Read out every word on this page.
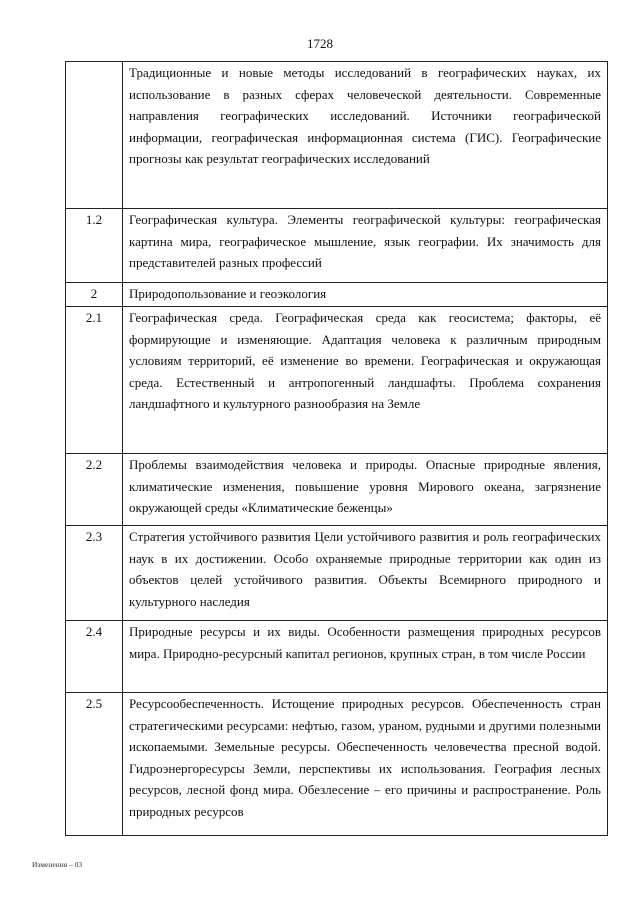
1728
	Традиционные и новые методы исследований в географических науках, их использование в разных сферах человеческой деятельности. Современные направления географических исследований. Источники географической информации, географическая информационная система (ГИС). Географические прогнозы как результат географических исследований
1.2	Географическая культура. Элементы географической культуры: географическая картина мира, географическое мышление, язык географии. Их значимость для представителей разных профессий
2	Природопользование и геоэкология
2.1	Географическая среда. Географическая среда как геосистема; факторы, её формирующие и изменяющие. Адаптация человека к различным природным условиям территорий, её изменение во времени. Географическая и окружающая среда. Естественный и антропогенный ландшафты. Проблема сохранения ландшафтного и культурного разнообразия на Земле
2.2	Проблемы взаимодействия человека и природы. Опасные природные явления, климатические изменения, повышение уровня Мирового океана, загрязнение окружающей среды «Климатические беженцы»
2.3	Стратегия устойчивого развития Цели устойчивого развития и роль географических наук в их достижении. Особо охраняемые природные территории как один из объектов целей устойчивого развития. Объекты Всемирного природного и культурного наследия
2.4	Природные ресурсы и их виды. Особенности размещения природных ресурсов мира. Природно-ресурсный капитал регионов, крупных стран, в том числе России
2.5	Ресурсообеспеченность. Истощение природных ресурсов. Обеспеченность стран стратегическими ресурсами: нефтью, газом, ураном, рудными и другими полезными ископаемыми. Земельные ресурсы. Обеспеченность человечества пресной водой. Гидроэнергоресурсы Земли, перспективы их использования. География лесных ресурсов, лесной фонд мира. Обезлесение – его причины и распространение. Роль природных ресурсов
Изменения – 03
